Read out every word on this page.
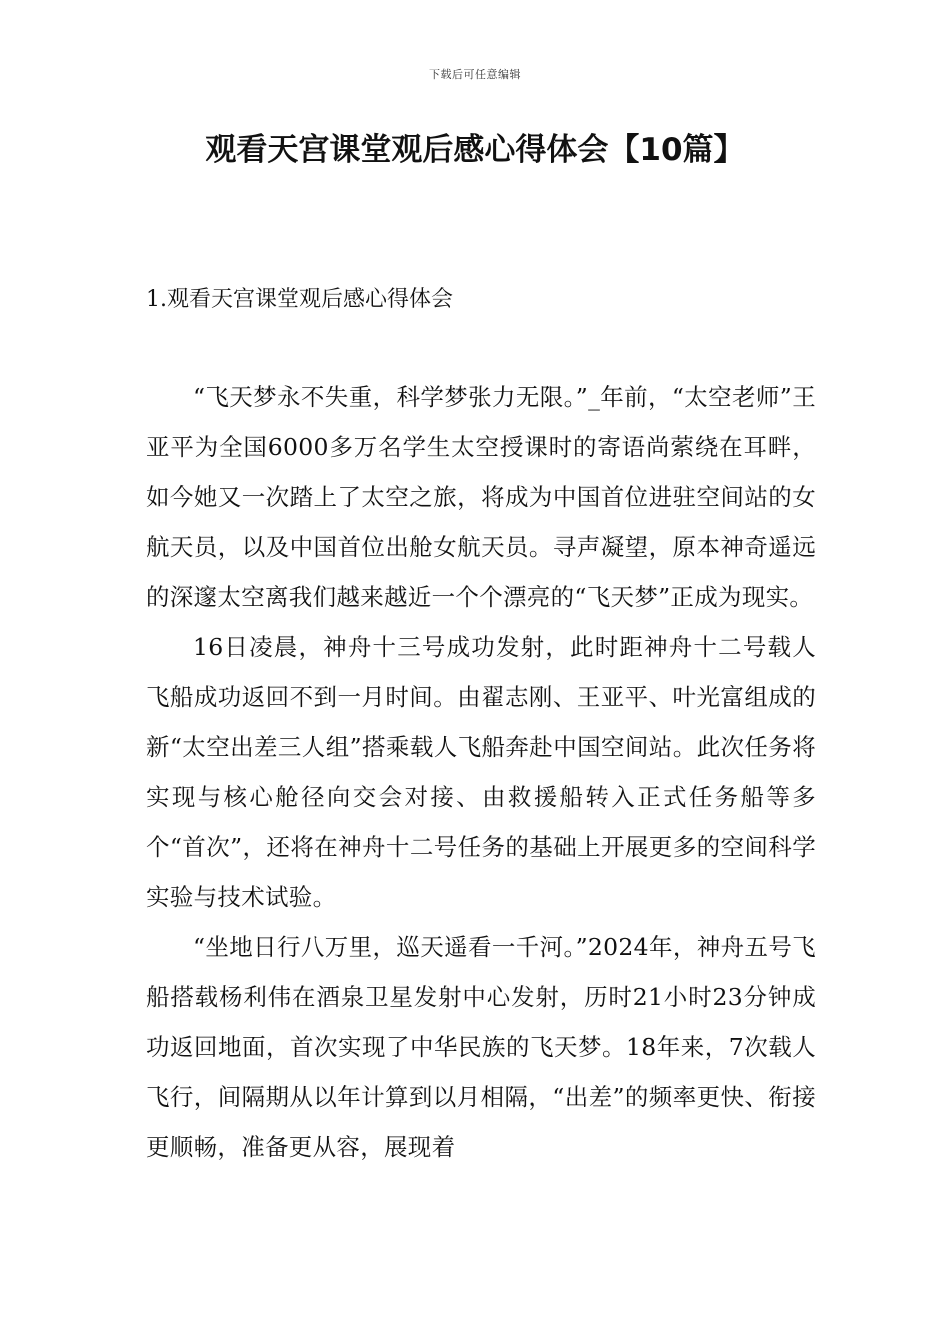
下载后可任意编辑
观看天宫课堂观后感心得体会【10篇】
1.观看天宫课堂观后感心得体会

“飞天梦永不失重，科学梦张力无限。”_年前，“太空老师”王亚平为全国6000多万名学生太空授课时的寄语尚萦绕在耳畔，如今她又一次踏上了太空之旅，将成为中国首位进驻空间站的女航天员，以及中国首位出舱女航天员。寻声凝望，原本神奇遥远的深邃太空离我们越来越近一个个漂亮的“飞天梦”正成为现实。

16日凌晨，神舟十三号成功发射，此时距神舟十二号载人飞船成功返回不到一月时间。由翟志刚、王亚平、叶光富组成的新“太空出差三人组”搭乘载人飞船奔赴中国空间站。此次任务将实现与核心舱径向交会对接、由救援船转入正式任务船等多个“首次”，还将在神舟十二号任务的基础上开展更多的空间科学实验与技术试验。

“坐地日行八万里，巡天遥看一千河。”2024年，神舟五号飞船搭载杨利伟在酒泉卫星发射中心发射，历时21小时23分钟成功返回地面，首次实现了中华民族的飞天梦。18年来，7次载人飞行，间隔期从以年计算到以月相隔，“出差”的频率更快、衔接更顺畅，准备更从容，展现着
